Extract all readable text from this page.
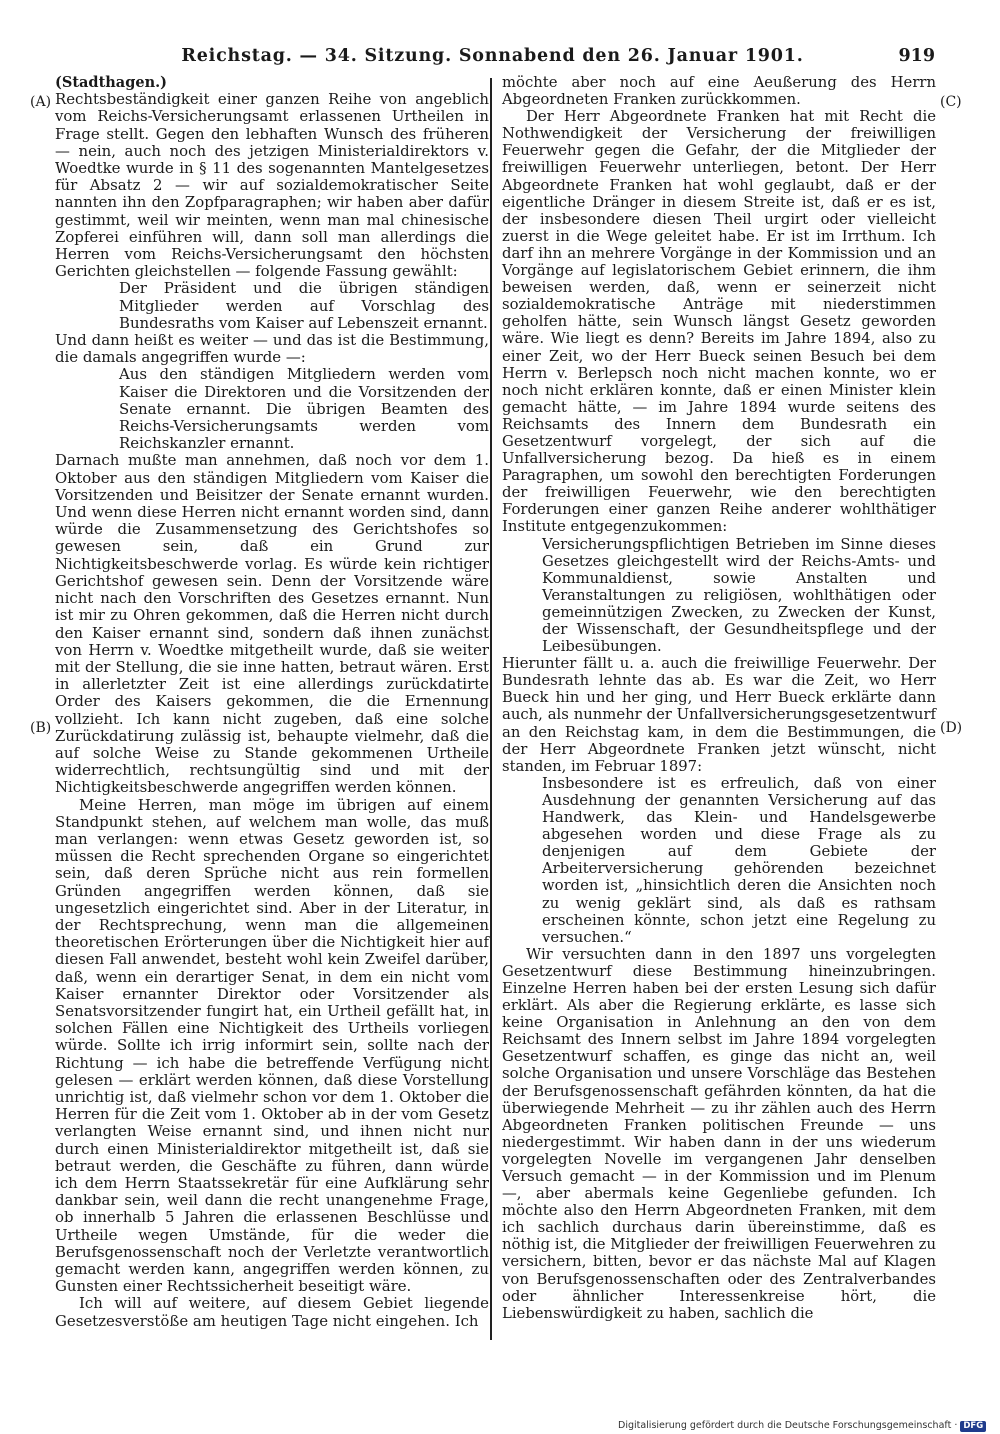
Reichstag. — 34. Sitzung. Sonnabend den 26. Januar 1901.	919
(A)
(B)
(C)
(D)

(Stadthagen.)

Rechtsbeständigkeit einer ganzen Reihe von angeblich vom Reichs-Versicherungsamt erlassenen Urtheilen in Frage stellt. Gegen den lebhaften Wunsch des früheren — nein, auch noch des jetzigen Ministerialdirektors v. Woedtke wurde in § 11 des sogenannten Mantelgesetzes für Absatz 2 — wir auf sozialdemokratischer Seite nannten ihn den Zopfparagraphen; wir haben aber dafür gestimmt, weil wir meinten, wenn man mal chinesische Zopferei einführen will, dann soll man allerdings die Herren vom Reichs-Versicherungsamt den höchsten Gerichten gleichstellen — folgende Fassung gewählt:

Der Präsident und die übrigen ständigen Mitglieder werden auf Vorschlag des Bundesraths vom Kaiser auf Lebenszeit ernannt.

Und dann heißt es weiter — und das ist die Bestimmung, die damals angegriffen wurde —:

Aus den ständigen Mitgliedern werden vom Kaiser die Direktoren und die Vorsitzenden der Senate ernannt. Die übrigen Beamten des Reichs-Versicherungsamts werden vom Reichskanzler ernannt.

Darnach mußte man annehmen, daß noch vor dem 1. Oktober aus den ständigen Mitgliedern vom Kaiser die Vorsitzenden und Beisitzer der Senate ernannt wurden. Und wenn diese Herren nicht ernannt worden sind, dann würde die Zusammensetzung des Gerichtshofes so gewesen sein, daß ein Grund zur Nichtigkeitsbeschwerde vorlag. Es würde kein richtiger Gerichtshof gewesen sein. Denn der Vorsitzende wäre nicht nach den Vorschriften des Gesetzes ernannt. Nun ist mir zu Ohren gekommen, daß die Herren nicht durch den Kaiser ernannt sind, sondern daß ihnen zunächst von Herrn v. Woedtke mitgetheilt wurde, daß sie weiter mit der Stellung, die sie inne hatten, betraut wären. Erst in allerletzter Zeit ist eine allerdings zurückdatirte Order des Kaisers gekommen, die die Ernennung vollzieht. Ich kann nicht zugeben, daß eine solche Zurückdatirung zulässig ist, behaupte vielmehr, daß die auf solche Weise zu Stande gekommenen Urtheile widerrechtlich, rechtsungültig sind und mit der Nichtigkeitsbeschwerde angegriffen werden können.

Meine Herren, man möge im übrigen auf einem Standpunkt stehen, auf welchem man wolle, das muß man verlangen: wenn etwas Gesetz geworden ist, so müssen die Recht sprechenden Organe so eingerichtet sein, daß deren Sprüche nicht aus rein formellen Gründen angegriffen werden können, daß sie ungesetzlich eingerichtet sind. Aber in der Literatur, in der Rechtsprechung, wenn man die allgemeinen theoretischen Erörterungen über die Nichtigkeit hier auf diesen Fall anwendet, besteht wohl kein Zweifel darüber, daß, wenn ein derartiger Senat, in dem ein nicht vom Kaiser ernannter Direktor oder Vorsitzender als Senatsvorsitzender fungirt hat, ein Urtheil gefällt hat, in solchen Fällen eine Nichtigkeit des Urtheils vorliegen würde. Sollte ich irrig informirt sein, sollte nach der Richtung — ich habe die betreffende Verfügung nicht gelesen — erklärt werden können, daß diese Vorstellung unrichtig ist, daß vielmehr schon vor dem 1. Oktober die Herren für die Zeit vom 1. Oktober ab in der vom Gesetz verlangten Weise ernannt sind, und ihnen nicht nur durch einen Ministerialdirektor mitgetheilt ist, daß sie betraut werden, die Geschäfte zu führen, dann würde ich dem Herrn Staatssekretär für eine Aufklärung sehr dankbar sein, weil dann die recht unangenehme Frage, ob innerhalb 5 Jahren die erlassenen Beschlüsse und Urtheile wegen Umstände, für die weder die Berufsgenossenschaft noch der Verletzte verantwortlich gemacht werden kann, angegriffen werden können, zu Gunsten einer Rechtssicherheit beseitigt wäre.

Ich will auf weitere, auf diesem Gebiet liegende Gesetzesverstöße am heutigen Tage nicht eingehen. Ich

möchte aber noch auf eine Aeußerung des Herrn Abgeordneten Franken zurückkommen.

Der Herr Abgeordnete Franken hat mit Recht die Nothwendigkeit der Versicherung der freiwilligen Feuerwehr gegen die Gefahr, der die Mitglieder der freiwilligen Feuerwehr unterliegen, betont. Der Herr Abgeordnete Franken hat wohl geglaubt, daß er der eigentliche Dränger in diesem Streite ist, daß er es ist, der insbesondere diesen Theil urgirt oder vielleicht zuerst in die Wege geleitet habe. Er ist im Irrthum. Ich darf ihn an mehrere Vorgänge in der Kommission und an Vorgänge auf legislatorischem Gebiet erinnern, die ihm beweisen werden, daß, wenn er seinerzeit nicht sozialdemokratische Anträge mit niederstimmen geholfen hätte, sein Wunsch längst Gesetz geworden wäre. Wie liegt es denn? Bereits im Jahre 1894, also zu einer Zeit, wo der Herr Bueck seinen Besuch bei dem Herrn v. Berlepsch noch nicht machen konnte, wo er noch nicht erklären konnte, daß er einen Minister klein gemacht hätte, — im Jahre 1894 wurde seitens des Reichsamts des Innern dem Bundesrath ein Gesetzentwurf vorgelegt, der sich auf die Unfallversicherung bezog. Da hieß es in einem Paragraphen, um sowohl den berechtigten Forderungen der freiwilligen Feuerwehr, wie den berechtigten Forderungen einer ganzen Reihe anderer wohlthätiger Institute entgegenzukommen:

Versicherungspflichtigen Betrieben im Sinne dieses Gesetzes gleichgestellt wird der Reichs-Amts- und Kommunaldienst, sowie Anstalten und Veranstaltungen zu religiösen, wohlthätigen oder gemeinnützigen Zwecken, zu Zwecken der Kunst, der Wissenschaft, der Gesundheitspflege und der Leibesübungen.

Hierunter fällt u. a. auch die freiwillige Feuerwehr. Der Bundesrath lehnte das ab. Es war die Zeit, wo Herr Bueck hin und her ging, und Herr Bueck erklärte dann auch, als nunmehr der Unfallversicherungsgesetzentwurf an den Reichstag kam, in dem die Bestimmungen, die der Herr Abgeordnete Franken jetzt wünscht, nicht standen, im Februar 1897:

Insbesondere ist es erfreulich, daß von einer Ausdehnung der genannten Versicherung auf das Handwerk, das Klein- und Handelsgewerbe abgesehen worden und diese Frage als zu denjenigen auf dem Gebiete der Arbeiterversicherung gehörenden bezeichnet worden ist, „hinsichtlich deren die Ansichten noch zu wenig geklärt sind, als daß es rathsam erscheinen könnte, schon jetzt eine Regelung zu versuchen.“

Wir versuchten dann in den 1897 uns vorgelegten Gesetzentwurf diese Bestimmung hineinzubringen. Einzelne Herren haben bei der ersten Lesung sich dafür erklärt. Als aber die Regierung erklärte, es lasse sich keine Organisation in Anlehnung an den von dem Reichsamt des Innern selbst im Jahre 1894 vorgelegten Gesetzentwurf schaffen, es ginge das nicht an, weil solche Organisation und unsere Vorschläge das Bestehen der Berufsgenossenschaft gefährden könnten, da hat die überwiegende Mehrheit — zu ihr zählen auch des Herrn Abgeordneten Franken politischen Freunde — uns niedergestimmt. Wir haben dann in der uns wiederum vorgelegten Novelle im vergangenen Jahr denselben Versuch gemacht — in der Kommission und im Plenum —, aber abermals keine Gegenliebe gefunden. Ich möchte also den Herrn Abgeordneten Franken, mit dem ich sachlich durchaus darin übereinstimme, daß es nöthig ist, die Mitglieder der freiwilligen Feuerwehren zu versichern, bitten, bevor er das nächste Mal auf Klagen von Berufsgenossenschaften oder des Zentralverbandes oder ähnlicher Interessenkreise hört, die Liebenswürdigkeit zu haben, sachlich die

Digitalisierung gefördert durch die Deutsche Forschungsgemeinschaft · DFG
